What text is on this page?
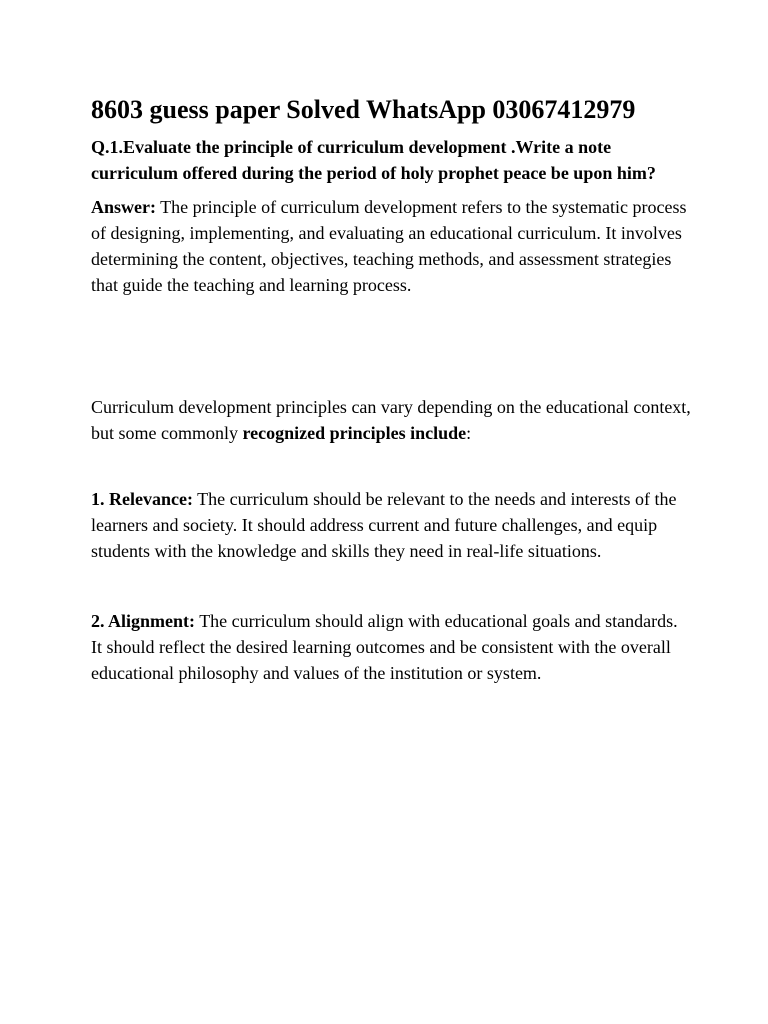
8603 guess paper Solved WhatsApp 03067412979

Q.1.Evaluate the principle of curriculum development .Write a note curriculum offered during the period of holy prophet peace be upon him?

Answer: The principle of curriculum development refers to the systematic process of designing, implementing, and evaluating an educational curriculum. It involves determining the content, objectives, teaching methods, and assessment strategies that guide the teaching and learning process.

Curriculum development principles can vary depending on the educational context, but some commonly recognized principles include:

1. Relevance: The curriculum should be relevant to the needs and interests of the learners and society. It should address current and future challenges, and equip students with the knowledge and skills they need in real-life situations.

2. Alignment: The curriculum should align with educational goals and standards. It should reflect the desired learning outcomes and be consistent with the overall educational philosophy and values of the institution or system.
